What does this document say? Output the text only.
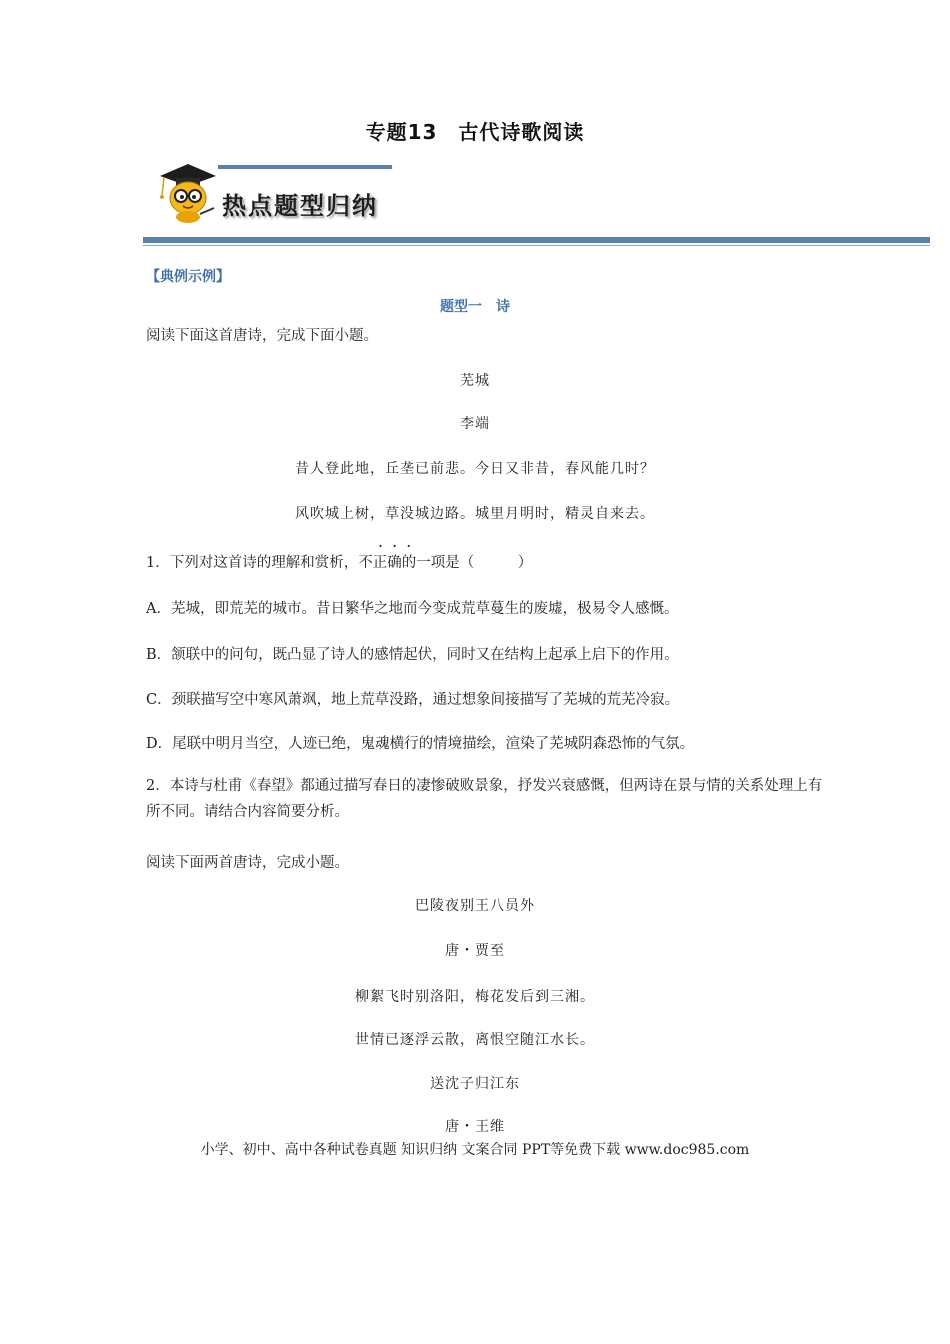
专题13　古代诗歌阅读
热点题型归纳
【典例示例】
题型一　诗
阅读下面这首唐诗，完成下面小题。
芜城
李端
昔人登此地，丘垄已前悲。今日又非昔，春风能几时？
风吹城上树，草没城边路。城里月明时，精灵自来去。
...
1．下列对这首诗的理解和赏析，不正确的一项是（　　　）
A．芜城，即荒芜的城市。昔日繁华之地而今变成荒草蔓生的废墟，极易令人感慨。
B．颔联中的问句，既凸显了诗人的感情起伏，同时又在结构上起承上启下的作用。
C．颈联描写空中寒风萧飒，地上荒草没路，通过想象间接描写了芜城的荒芜冷寂。
D．尾联中明月当空，人迹已绝，鬼魂横行的情境描绘，渲染了芜城阴森恐怖的气氛。
2．本诗与杜甫《春望》都通过描写春日的凄惨破败景象，抒发兴衰感慨，但两诗在景与情的关系处理上有所不同。请结合内容简要分析。
阅读下面两首唐诗，完成小题。
巴陵夜别王八员外
唐・贾至
柳絮飞时别洛阳，梅花发后到三湘。
世情已逐浮云散，离恨空随江水长。
送沈子归江东
唐・王维
小学、初中、高中各种试卷真题 知识归纳 文案合同 PPT等免费下载 www.doc985.com
